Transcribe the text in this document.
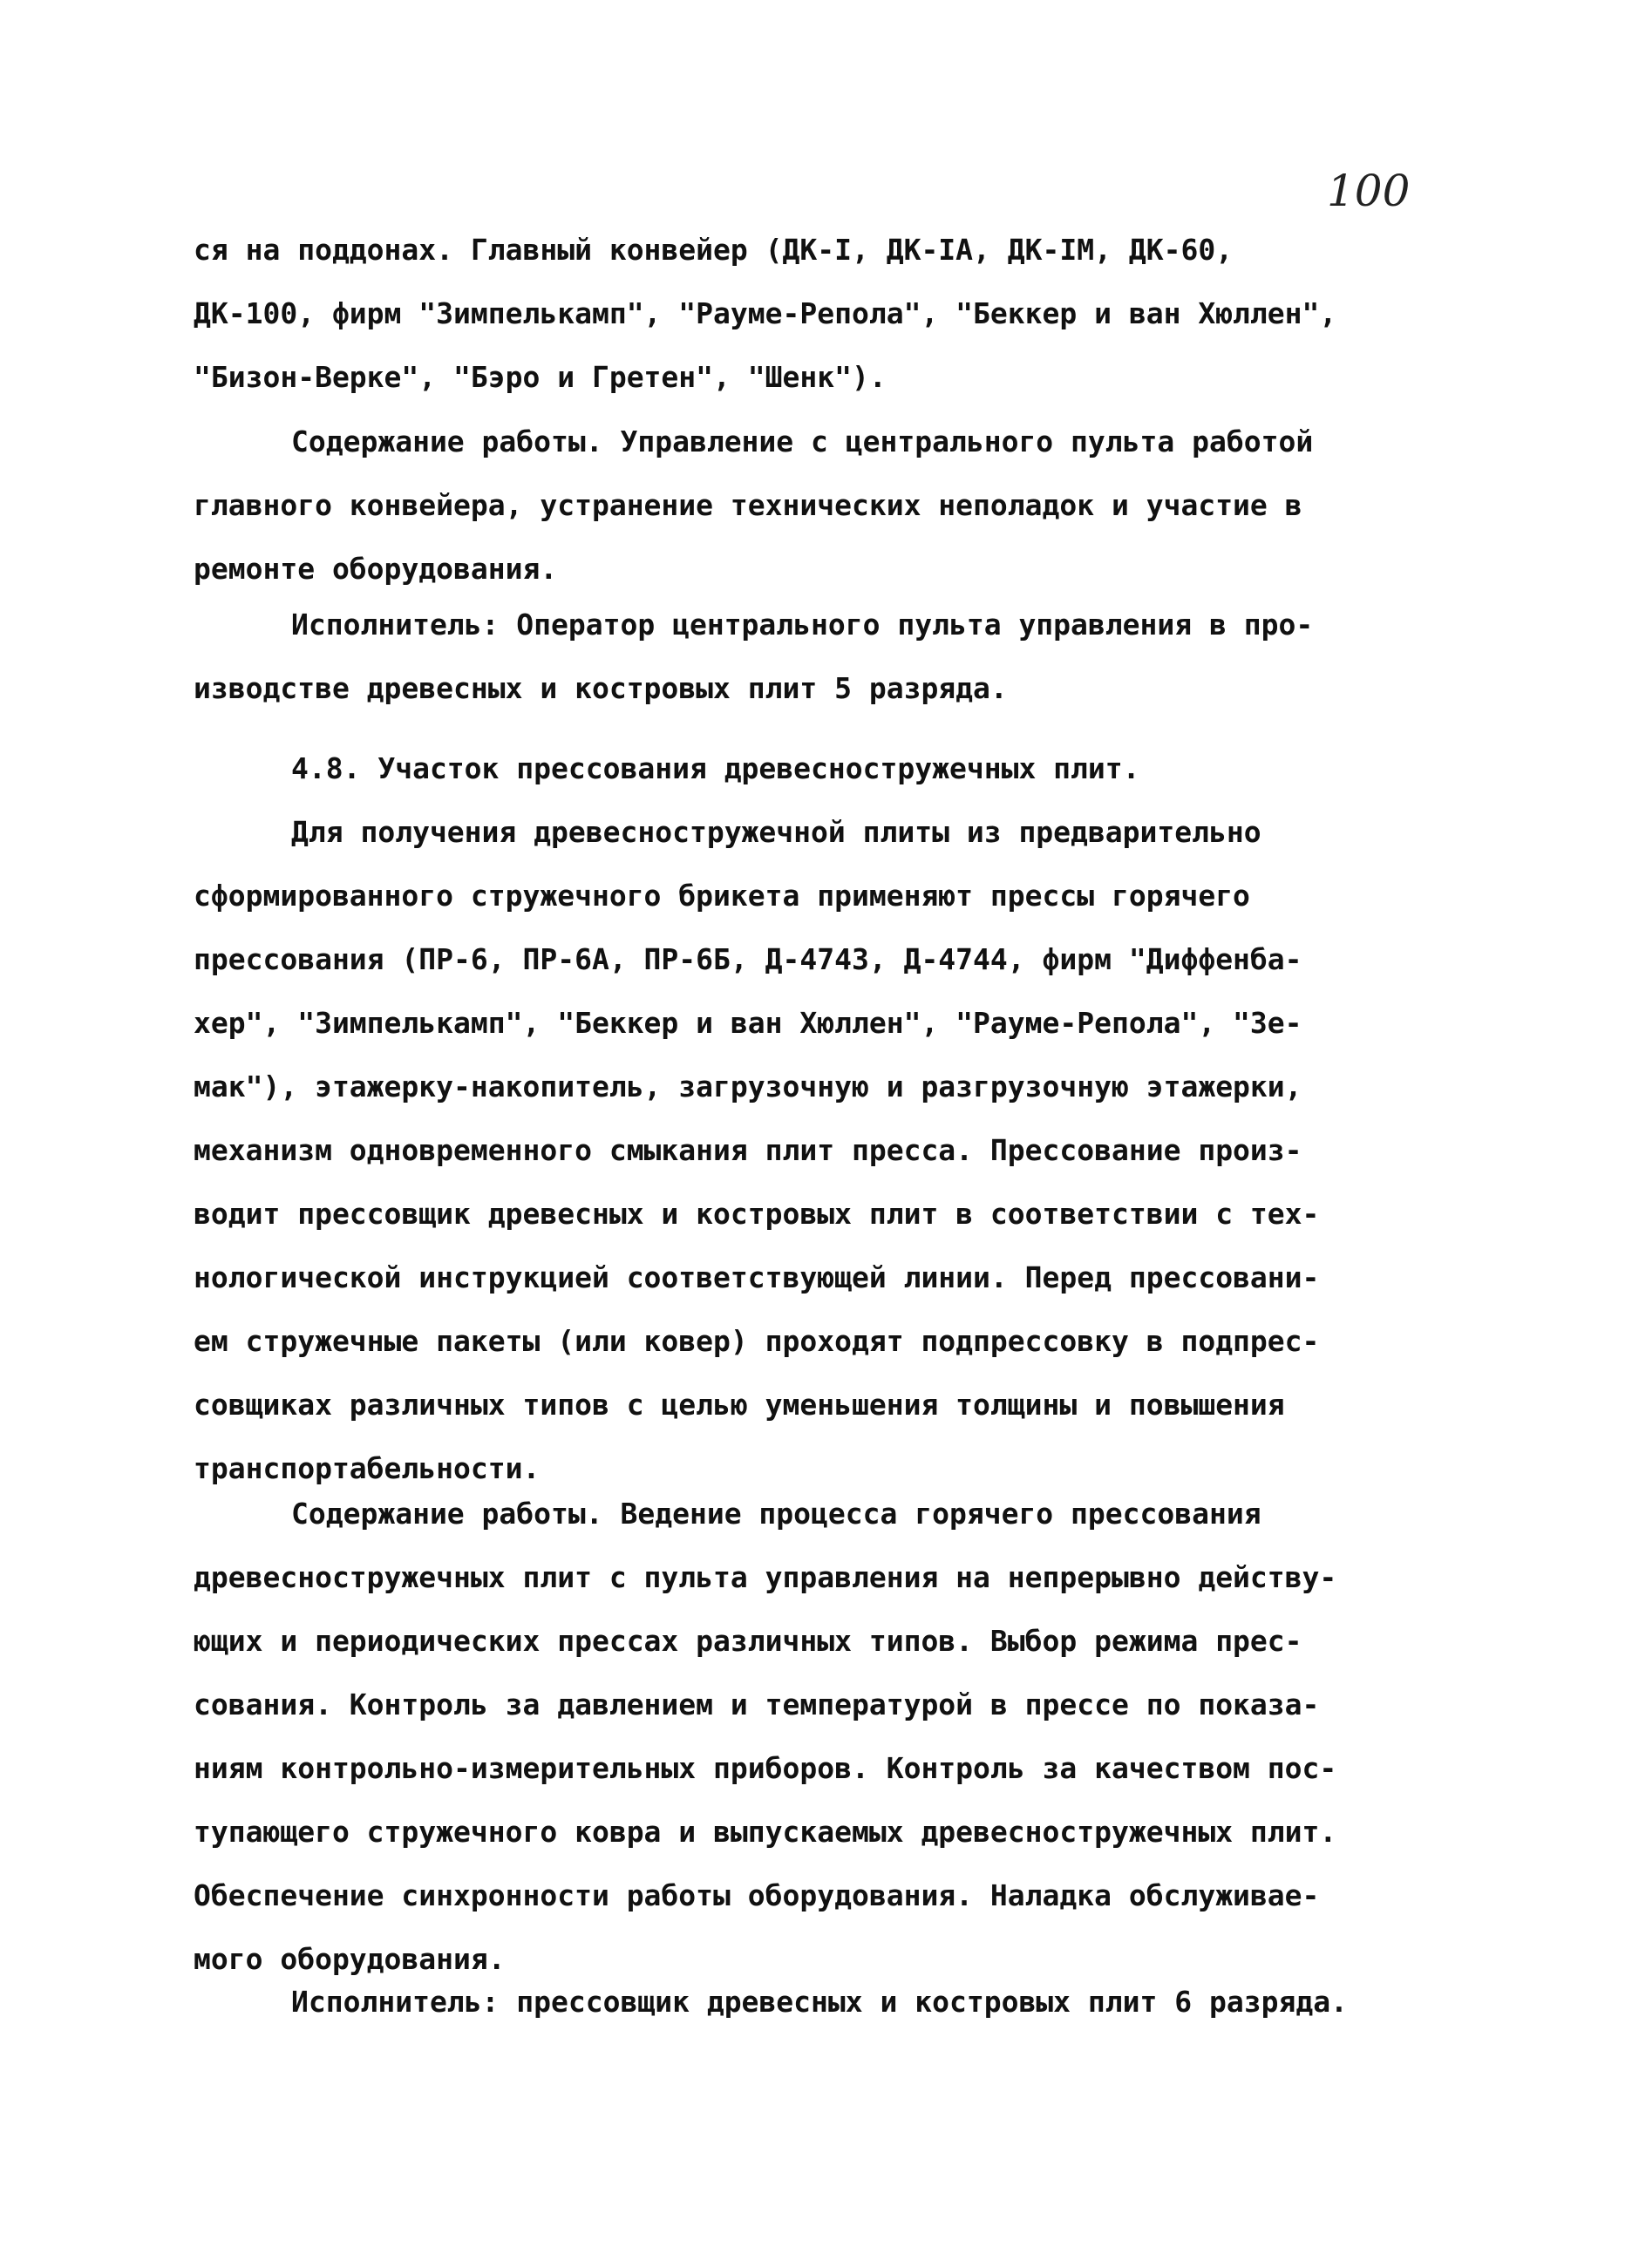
100
ся на поддонах. Главный конвейер (ДК-I, ДК-IА, ДК-IМ, ДК-60,
ДК-100, фирм "Зимпелькамп", "Рауме-Репола", "Беккер и ван Хюллен",
"Бизон-Верке", "Бэро и Гретен", "Шенк").
Содержание работы. Управление с центрального пульта работой
главного конвейера, устранение технических неполадок и участие в
ремонте оборудования.
Исполнитель: Оператор центрального пульта управления в про-
изводстве древесных и костровых плит 5 разряда.
4.8. Участок прессования древесностружечных плит.
Для получения древесностружечной плиты из предварительно
сформированного стружечного брикета применяют прессы горячего
прессования (ПР-6, ПР-6А, ПР-6Б, Д-4743, Д-4744, фирм "Диффенба-
хер", "Зимпелькамп", "Беккер и ван Хюллен", "Рауме-Репола", "Зе-
мак"), этажерку-накопитель, загрузочную и разгрузочную этажерки,
механизм одновременного смыкания плит пресса. Прессование произ-
водит прессовщик древесных и костровых плит в соответствии с тех-
нологической инструкцией соответствующей линии. Перед прессовани-
ем стружечные пакеты (или ковер) проходят подпрессовку в подпрес-
совщиках различных типов с целью уменьшения толщины и повышения
транспортабельности.
Содержание работы. Ведение процесса горячего прессования
древесностружечных плит с пульта управления на непрерывно действу-
ющих и периодических прессах различных типов. Выбор режима прес-
сования. Контроль за давлением и температурой в прессе по показа-
ниям контрольно-измерительных приборов. Контроль за качеством пос-
тупающего стружечного ковра и выпускаемых древесностружечных плит.
Обеспечение синхронности работы оборудования. Наладка обслуживае-
мого оборудования.
Исполнитель: прессовщик древесных и костровых плит 6 разряда.
